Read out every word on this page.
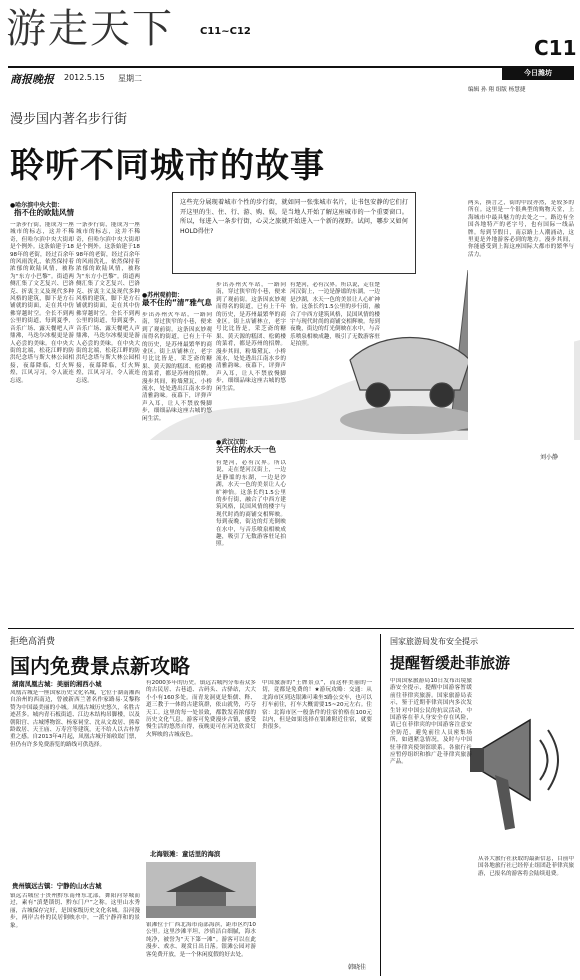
游走天下	C11~C12
C11
商报晚报 2012.5.15 星期二
今日潍坊
编辑 孙 翔 组版 杨慧捷
漫步国内著名步行街
聆听不同城市的故事
这些充分展现着城市个性的步行街，就如同一张张城市名片，让书包安静的它们打开这里的生、住、行、游、购、娱，是当地人开始了解这座城市的一个重要窗口。所以，每进入一条步行街，心灵之旅就开始进入一个新的视野。试问，哪步又如何HOLD得住?
●哈尔滨中央大街：
指不住的欧陆风情
一条步行街，能成为一座城市的标志，这并不稀奇，但哈尔滨中央大街却是个例外。这条始建于1898年的老街，经过百余年的风雨洗礼，依然保持着浓郁的欧陆风情，被称为“东方小巴黎”。街道两侧汇集了文艺复兴、巴洛克、折衷主义及现代多种风格的建筑，脚下是方石铺就的街面，走在其中仿佛穿越时空。全长不到两公里的街道，每到夏季，音乐广场、露天餐吧人声鼎沸，马迭尔冰棍更是游人必尝的美味。在中央大街的北端，松花江畔的防洪纪念塔与斯大林公园相接，夜幕降临，灯火辉煌，江风习习，令人流连忘返。
一条步行街，能成为一座城市的标志，这并不稀奇，但哈尔滨中央大街却是个例外。这条始建于1898年的老街，经过百余年的风雨洗礼，依然保持着浓郁的欧陆风情，被称为“东方小巴黎”。街道两侧汇集了文艺复兴、巴洛克、折衷主义及现代多种风格的建筑，脚下是方石铺就的街面，走在其中仿佛穿越时空。全长不到两公里的街道，每到夏季，音乐广场、露天餐吧人声鼎沸，马迭尔冰棍更是游人必尝的美味。在中央大街的北端，松花江畔的防洪纪念塔与斯大林公园相接，夜幕降临，灯火辉煌，江风习习，令人流连忘返。
●苏州观前街：
最不住的“清”雅气息
步出苏州火车站，一路向南，穿过狭窄的小巷，便来到了观前街。这条因玄妙观而得名的街道，已有上千年的历史，是苏州最繁华的商业区。街上店铺林立，老字号比比皆是，采芝斋的糖果、黄天源的糕团、松鹤楼的菜肴，都是苏州的招牌。漫步其间，粉墙黛瓦、小桥流水，处处透出江南水乡的清雅韵味。夜幕下，评弹声声入耳，让人不禁放慢脚步，细细品味这座古城的悠闲生活。
步出苏州火车站，一路向南，穿过狭窄的小巷，便来到了观前街。这条因玄妙观而得名的街道，已有上千年的历史，是苏州最繁华的商业区。街上店铺林立，老字号比比皆是，采芝斋的糖果、黄天源的糕团、松鹤楼的菜肴，都是苏州的招牌。漫步其间，粉墙黛瓦、小桥流水，处处透出江南水乡的清雅韵味。夜幕下，评弹声声入耳，让人不禁放慢脚步，细细品味这座古城的悠闲生活。
●武汉汉街：
关不住的水天一色
有楚河，必有汉界。所以说，走在楚河汉街上，一边是静谧的东湖，一边是沙湖，水天一色的美景让人心旷神怡。这条长约1.5公里的步行街，融合了中西方建筑风格，民国风情的楼宇与现代时尚的商铺交相辉映。每到夜晚，街边的灯光倒映在水中，与音乐喷泉相映成趣，吸引了无数游客驻足拍照。
有楚河，必有汉界。所以说，走在楚河汉街上，一边是静谧的东湖，一边是沙湖，水天一色的美景让人心旷神怡。这条长约1.5公里的步行街，融合了中西方建筑风格，民国风情的楼宇与现代时尚的商铺交相辉映。每到夜晚，街边的灯光倒映在水中，与音乐喷泉相映成趣，吸引了无数游客驻足拍照。
两头，换言之，街的中段亦然，是较多的所在。这里是一个很典型的购物天堂，上海城市中最具魅力的去处之一。路边有全国各地特产的老字号，也有国际一线品牌。每到节假日，南京路上人潮涌动，这里更是外地游客必到的地方。漫步其间，你能感受到上海这座国际大都市的繁华与活力。
刘小静
拒绝高消费
国内免费景点新攻略
湖南凤凰古城：美丽的湘西小城
凤凰古城是一座国家历史文化名城，它位于湖南湘西自治州的西南边，曾被新西兰著名作家路易·艾黎称赞为中国最美丽的小城。凤凰古城历史悠久，名胜古迹甚多。城内青石板街道、江边木结构吊脚楼，以及朝阳宫、古城博物馆、杨家祠堂、沈从文故居、熊希龄故居、天王庙、万寿宫等建筑，无不给人以古朴厚重之感。自2013年4月起，凤凰古城开始收取门票，但仍有许多免费游览的路线可供选择。
贵州镇远古镇：宁静的山水古城
镇远古城位于贵州黔东南州东北部，舞阳河穿城而过，素有“滇楚锁钥、黔东门户”之称。这里山水秀丽，古城保存完好，是国家级历史文化名城。沿河漫步，两岸古朴的民居倒映水中，一派宁静祥和的景象。
有2000多年的历史。镇远古城内分布着众多的古民居、古巷道、古码头、古驿站，大大小小有160多处。而青龙洞更是集儒、释、道三教于一体的古建筑群，依山就势，巧夺天工。这里的每一处景致，都散发着浓郁的历史文化气息。游客可免费漫步古镇，感受慢生活的悠然自得，夜晚更可在河边欣赏灯火辉映的古城夜色。
北海银滩：童话里的海滨
银滩位于广西北海市南部海滨，距市区约10公里。这里沙滩平坦，沙质洁白细腻，海水纯净，被誉为“天下第一滩”。游客可以在此漫步、戏水、观赏日出日落。银滩公园对游客免费开放，是一个休闲度假的好去处。
中国旅游的“王牌景点”，而这样美丽的一切，竟都是免费的！★游玩攻略：交通：从北海市区到达银滩可乘坐3路公交车，也可以打车前往，打车大概需要15~20元左右。住宿：北海市区一般条件的住宿价格在100元以内，但是如果选择在银滩附近住宿，就要贵很多。
韩晓佳
国家旅游局发布安全提示
提醒暂缓赴菲旅游
中国国家旅游局10日发布出境旅游安全提示，提醒中国游客暂缓前往菲律宾旅游。国家旅游局表示，鉴于近期菲律宾国内多次发生针对中国公民的抗议活动，中国游客在菲人身安全存在风险，请已在菲律宾的中国游客注意安全防范，避免前往人员密集场所，如遇紧急情况，及时与中国驻菲律宾使领馆联系。各旅行社应暂停组织和推广赴菲律宾旅游产品。
从各大旅行社获取的最新信息，目前中国各地旅行社已经停止组团赴菲律宾旅游，已报名的游客将会陆续退费。
